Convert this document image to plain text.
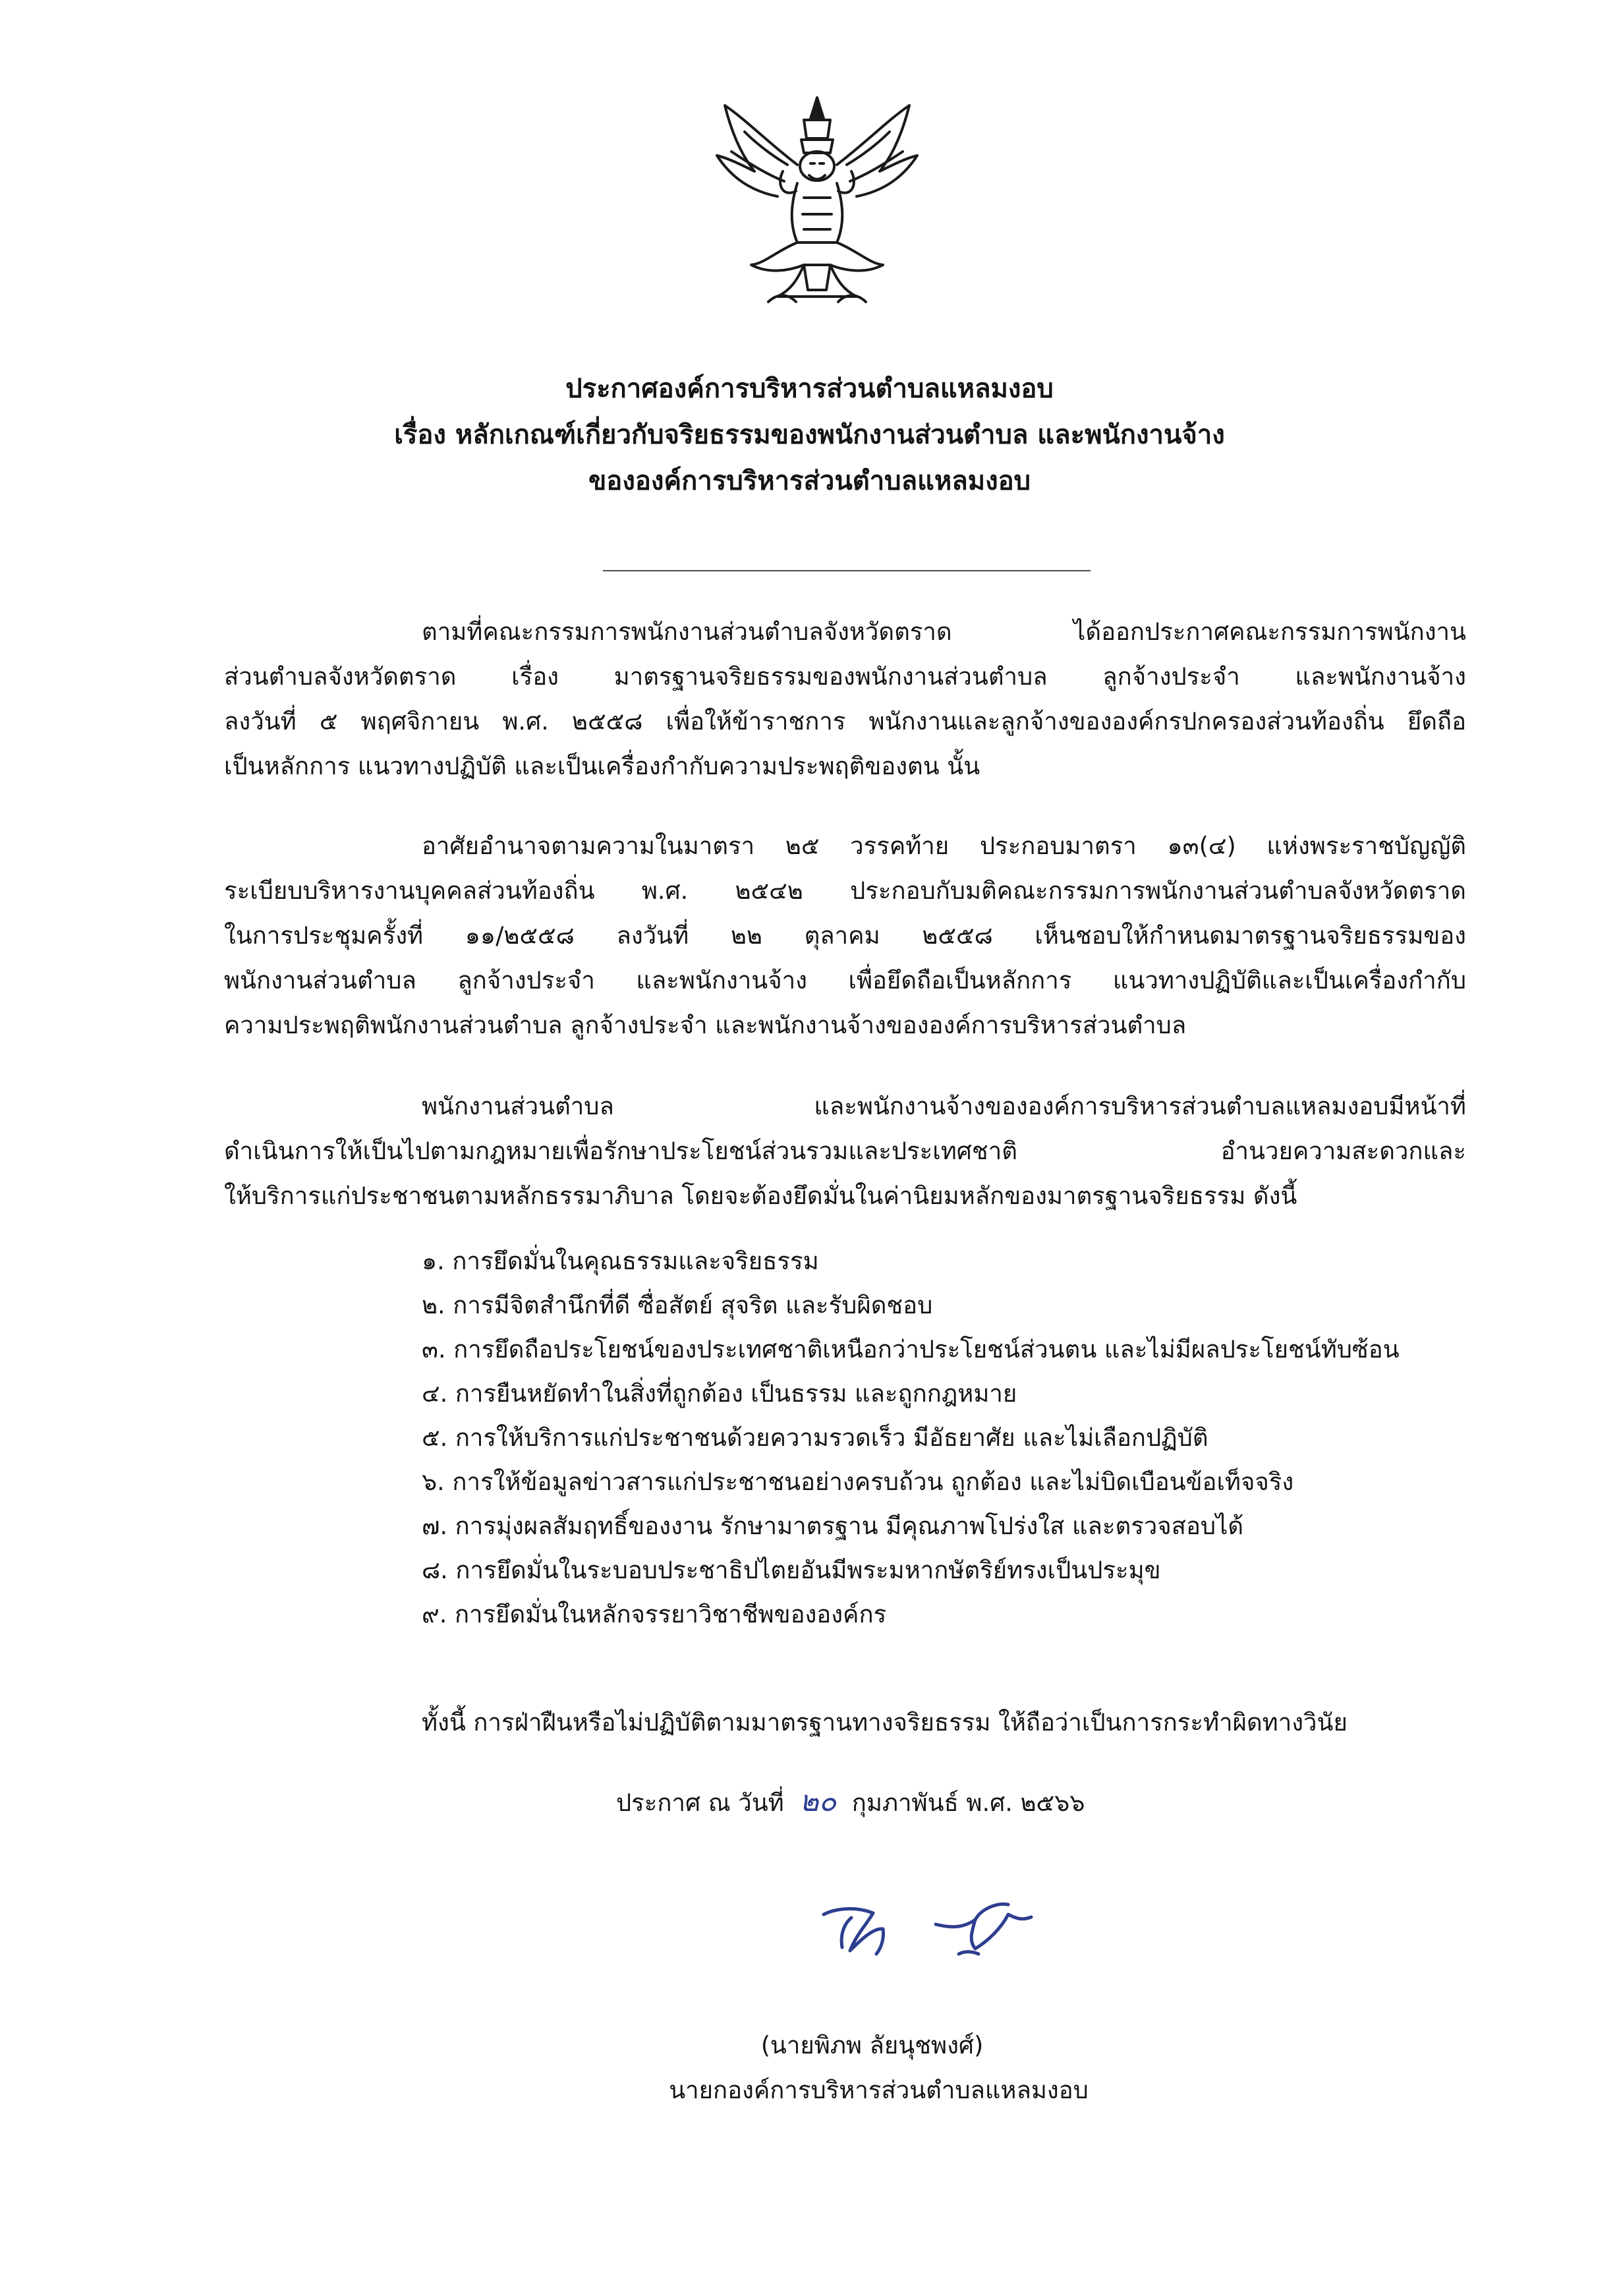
ประกาศองค์การบริหารส่วนตำบลแหลมงอบ
เรื่อง หลักเกณฑ์เกี่ยวกับจริยธรรมของพนักงานส่วนตำบล และพนักงานจ้าง
ขององค์การบริหารส่วนตำบลแหลมงอบ
ตามที่คณะกรรมการพนักงานส่วนตำบลจังหวัดตราด ได้ออกประกาศคณะกรรมการพนักงาน
ส่วนตำบลจังหวัดตราด เรื่อง มาตรฐานจริยธรรมของพนักงานส่วนตำบล ลูกจ้างประจำ และพนักงานจ้าง
ลงวันที่ ๕ พฤศจิกายน พ.ศ. ๒๕๕๘ เพื่อให้ข้าราชการ พนักงานและลูกจ้างขององค์กรปกครองส่วนท้องถิ่น ยึดถือ
เป็นหลักการ แนวทางปฏิบัติ และเป็นเครื่องกำกับความประพฤติของตน นั้น
อาศัยอำนาจตามความในมาตรา ๒๕ วรรคท้าย ประกอบมาตรา ๑๓(๔) แห่งพระราชบัญญัติ
ระเบียบบริหารงานบุคคลส่วนท้องถิ่น พ.ศ. ๒๕๔๒ ประกอบกับมติคณะกรรมการพนักงานส่วนตำบลจังหวัดตราด
ในการประชุมครั้งที่ ๑๑/๒๕๕๘ ลงวันที่ ๒๒ ตุลาคม ๒๕๕๘ เห็นชอบให้กำหนดมาตรฐานจริยธรรมของ
พนักงานส่วนตำบล ลูกจ้างประจำ และพนักงานจ้าง เพื่อยึดถือเป็นหลักการ แนวทางปฏิบัติและเป็นเครื่องกำกับ
ความประพฤติพนักงานส่วนตำบล ลูกจ้างประจำ และพนักงานจ้างขององค์การบริหารส่วนตำบล
พนักงานส่วนตำบล และพนักงานจ้างขององค์การบริหารส่วนตำบลแหลมงอบมีหน้าที่
ดำเนินการให้เป็นไปตามกฎหมายเพื่อรักษาประโยชน์ส่วนรวมและประเทศชาติ อำนวยความสะดวกและ
ให้บริการแก่ประชาชนตามหลักธรรมาภิบาล โดยจะต้องยึดมั่นในค่านิยมหลักของมาตรฐานจริยธรรม ดังนี้
๑. การยึดมั่นในคุณธรรมและจริยธรรม
๒. การมีจิตสำนึกที่ดี ซื่อสัตย์ สุจริต และรับผิดชอบ
๓. การยึดถือประโยชน์ของประเทศชาติเหนือกว่าประโยชน์ส่วนตน และไม่มีผลประโยชน์ทับซ้อน
๔. การยืนหยัดทำในสิ่งที่ถูกต้อง เป็นธรรม และถูกกฎหมาย
๕. การให้บริการแก่ประชาชนด้วยความรวดเร็ว มีอัธยาศัย และไม่เลือกปฏิบัติ
๖. การให้ข้อมูลข่าวสารแก่ประชาชนอย่างครบถ้วน ถูกต้อง และไม่บิดเบือนข้อเท็จจริง
๗. การมุ่งผลสัมฤทธิ์ของงาน รักษามาตรฐาน มีคุณภาพโปร่งใส และตรวจสอบได้
๘. การยึดมั่นในระบอบประชาธิปไตยอันมีพระมหากษัตริย์ทรงเป็นประมุข
๙. การยึดมั่นในหลักจรรยาวิชาชีพขององค์กร
ทั้งนี้ การฝ่าฝืนหรือไม่ปฏิบัติตามมาตรฐานทางจริยธรรม ให้ถือว่าเป็นการกระทำผิดทางวินัย
ประกาศ ณ วันที่ ๒๐ กุมภาพันธ์ พ.ศ. ๒๕๖๖
(นายพิภพ ลัยนุชพงศ์)
นายกองค์การบริหารส่วนตำบลแหลมงอบ
